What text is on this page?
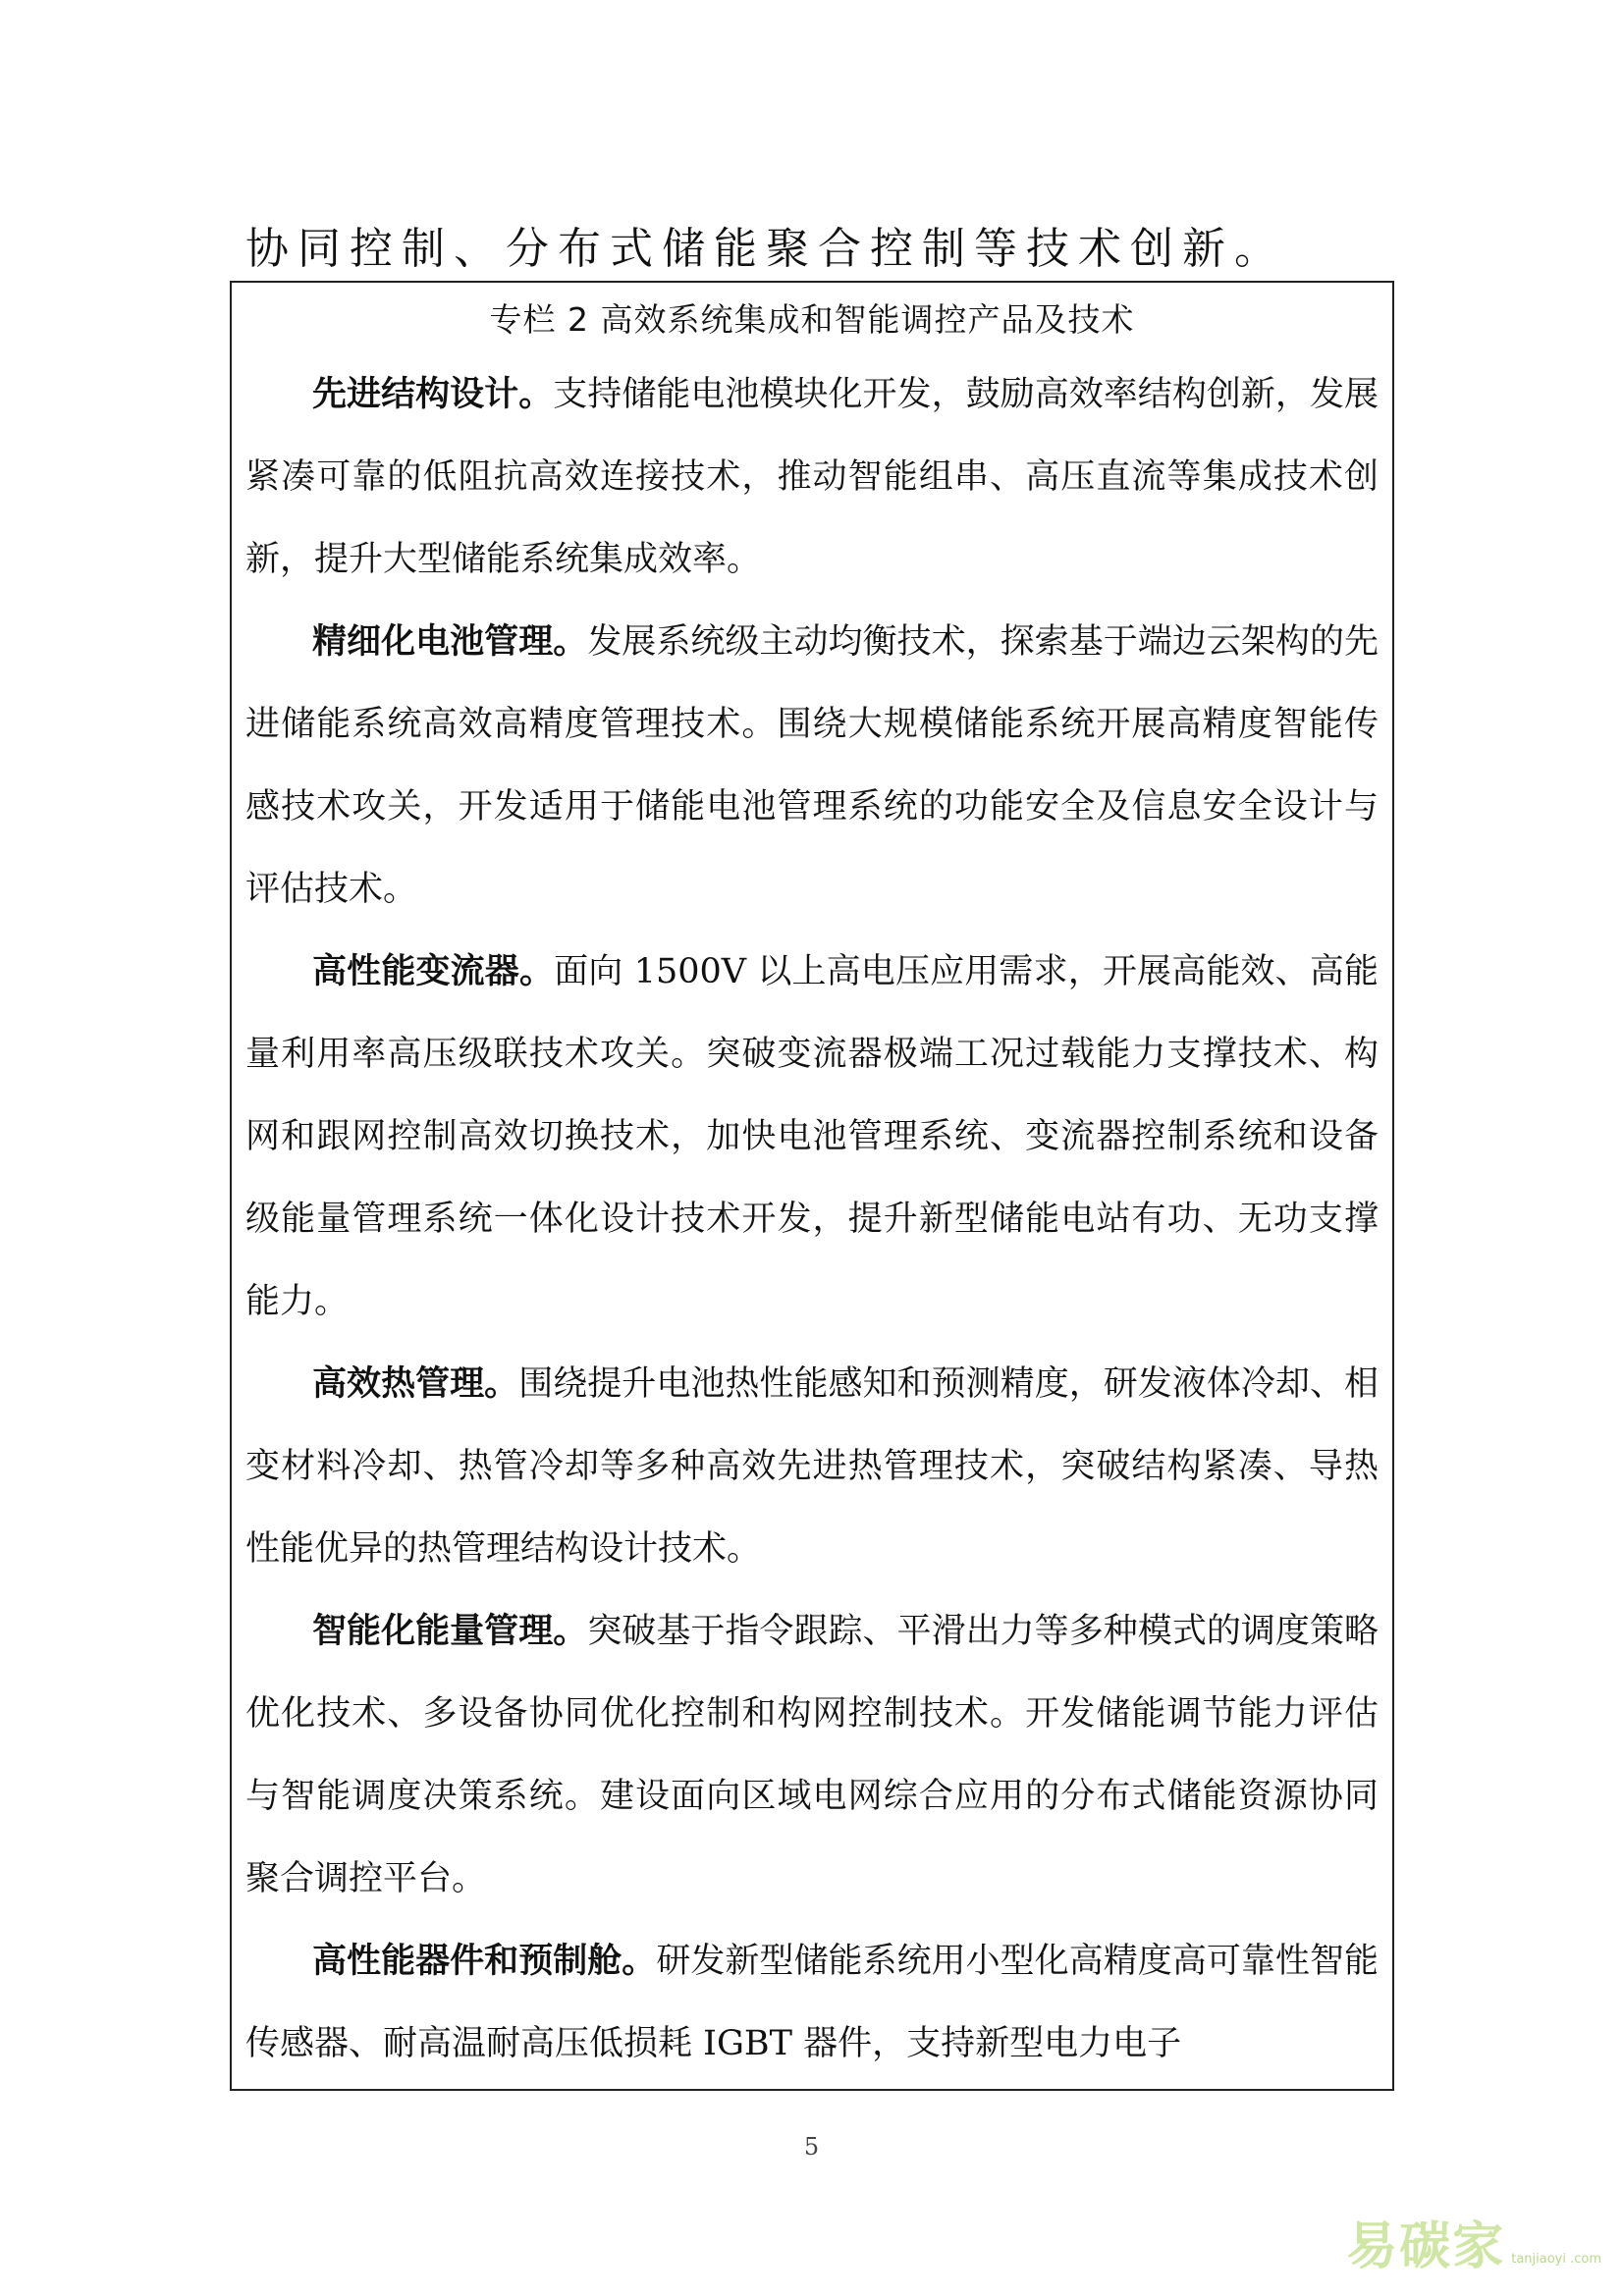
协同控制、分布式储能聚合控制等技术创新。

专栏 2 高效系统集成和智能调控产品及技术

先进结构设计。支持储能电池模块化开发，鼓励高效率结构创新，发展紧凑可靠的低阻抗高效连接技术，推动智能组串、高压直流等集成技术创新，提升大型储能系统集成效率。

精细化电池管理。发展系统级主动均衡技术，探索基于端边云架构的先进储能系统高效高精度管理技术。围绕大规模储能系统开展高精度智能传感技术攻关，开发适用于储能电池管理系统的功能安全及信息安全设计与评估技术。

高性能变流器。面向 1500V 以上高电压应用需求，开展高能效、高能量利用率高压级联技术攻关。突破变流器极端工况过载能力支撑技术、构网和跟网控制高效切换技术，加快电池管理系统、变流器控制系统和设备级能量管理系统一体化设计技术开发，提升新型储能电站有功、无功支撑能力。

高效热管理。围绕提升电池热性能感知和预测精度，研发液体冷却、相变材料冷却、热管冷却等多种高效先进热管理技术，突破结构紧凑、导热性能优异的热管理结构设计技术。

智能化能量管理。突破基于指令跟踪、平滑出力等多种模式的调度策略优化技术、多设备协同优化控制和构网控制技术。开发储能调节能力评估与智能调度决策系统。建设面向区域电网综合应用的分布式储能资源协同聚合调控平台。

高性能器件和预制舱。研发新型储能系统用小型化高精度高可靠性智能传感器、耐高温耐高压低损耗 IGBT 器件，支持新型电力电子

5
易碳家 tanjiaoyi .com
